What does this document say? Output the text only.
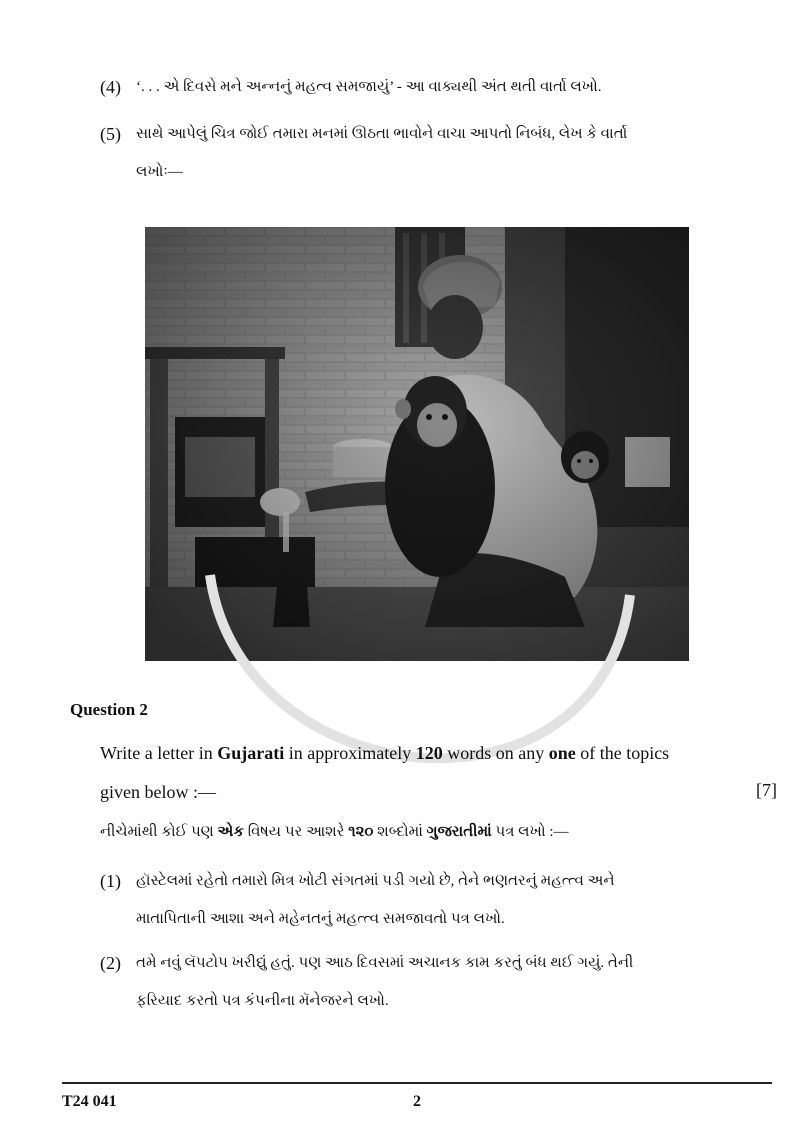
(4) ‘. . . એ દિવસે મને અન્નનું મહત્વ સમજાયું’ - આ વાક્યથી અંત થતી વાર્તા લખો.
(5) સાથે આપેલું ચિત્ર જોઈ તમારા મનમાં ઊઠતા ભાવોને વાચા આપતો નિબંધ, લેખ કે વાર્તા
લખોઃ—
Question 2
Write a letter in Gujarati in approximately 120 words on any one of the topics
given below :—	[7]
નીચેમાંથી કોઈ પણ એક વિષય પર આશરે ૧૨૦ શબ્દોમાં ગુજરાતીમાં પત્ર લખો :—
(1) હૉસ્ટેલમાં રહેતો તમારો મિત્ર ખોટી સંગતમાં પડી ગયો છે, તેને ભણતરનું મહત્ત્વ અને
માતાપિતાની આશા અને મહેનતનું મહત્ત્વ સમજાવતો પત્ર લખો.
(2) તમે નવું લૅપટોપ ખરીદ્યું હતું. પણ આઠ દિવસમાં અચાનક કામ કરતું બંધ થઈ ગયું. તેની
ફરિયાદ કરતો પત્ર કંપનીના મૅનેજરને લખો.
T24 041	2
